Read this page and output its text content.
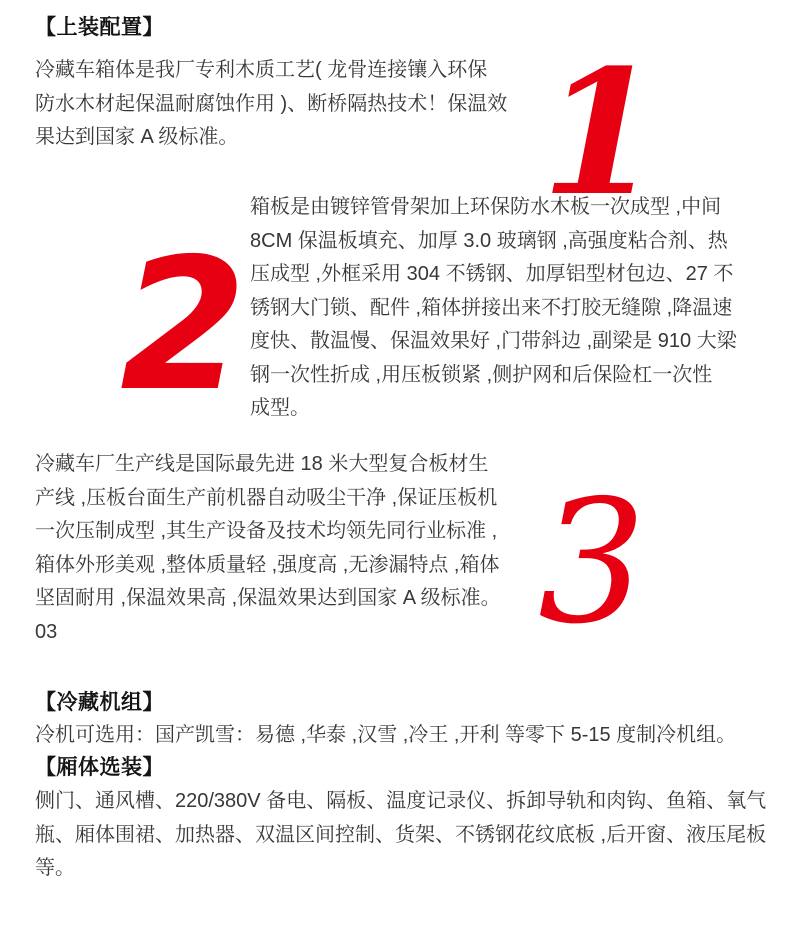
【上装配置】
冷藏车箱体是我厂专利木质工艺( 龙骨连接镶入环保
防水木材起保温耐腐蚀作用 )、断桥隔热技术！保温效
果达到国家 A 级标准。	1
箱板是由镀锌管骨架加上环保防水木板一次成型 ,中间
8CM 保温板填充、加厚 3.0 玻璃钢 ,高强度粘合剂、热
压成型 ,外框采用 304 不锈钢、加厚铝型材包边、27 不
锈钢大门锁、配件 ,箱体拼接出来不打胶无缝隙 ,降温速
度快、散温慢、保温效果好 ,门带斜边 ,副梁是 910 大梁
钢一次性折成 ,用压板锁紧 ,侧护网和后保险杠一次性
成型。
2
冷藏车厂生产线是国际最先进 18 米大型复合板材生
产线 ,压板台面生产前机器自动吸尘干净 ,保证压板机
一次压制成型 ,其生产设备及技术均领先同行业标准 ,
箱体外形美观 ,整体质量轻 ,强度高 ,无渗漏特点 ,箱体
坚固耐用 ,保温效果高 ,保温效果达到国家 A 级标准。
03	3
【冷藏机组】
冷机可选用：国产凯雪：易德 ,华泰 ,汉雪 ,冷王 ,开利 等零下 5-15 度制冷机组。
【厢体选装】
侧门、通风槽、220/380V 备电、隔板、温度记录仪、拆卸导轨和肉钩、鱼箱、氧气
瓶、厢体围裙、加热器、双温区间控制、货架、不锈钢花纹底板 ,后开窗、液压尾板
等。
